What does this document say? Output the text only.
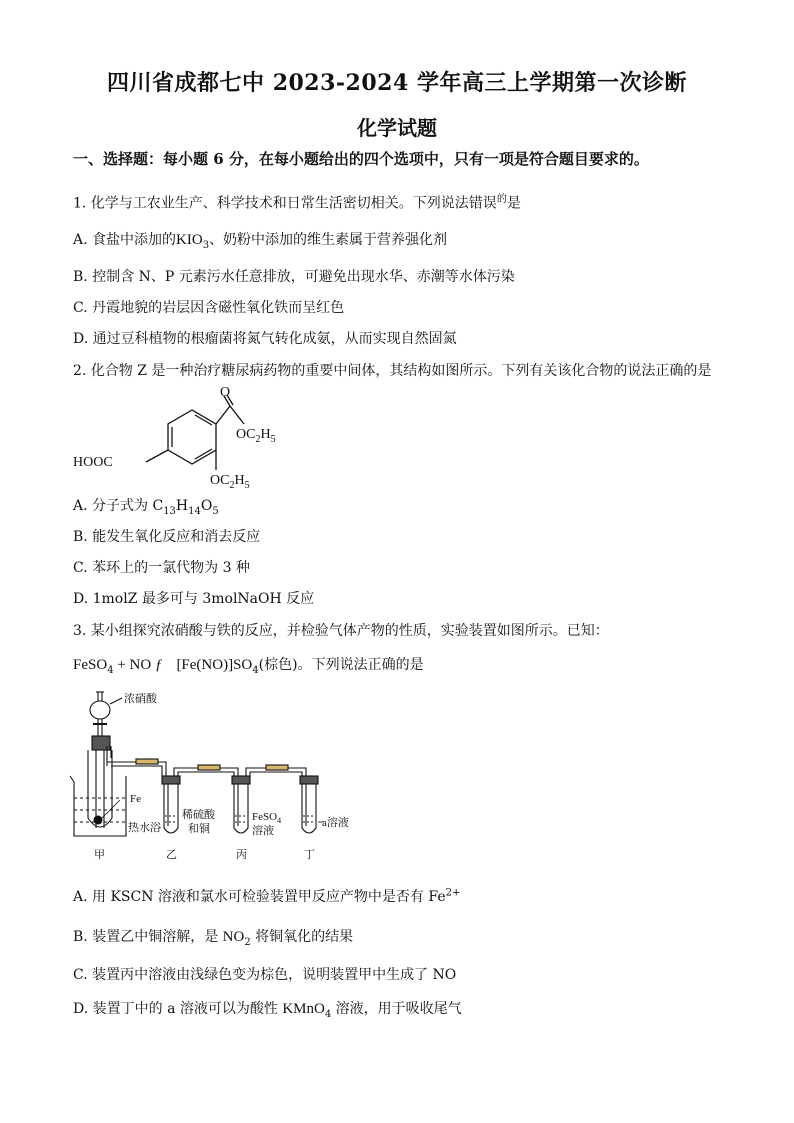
四川省成都七中 2023-2024 学年高三上学期第一次诊断
化学试题
一、选择题：每小题 6 分，在每小题给出的四个选项中，只有一项是符合题目要求的。
1. 化学与工农业生产、科学技术和日常生活密切相关。下列说法错误$^的$是
A. 食盐中添加的$KIO_3$、奶粉中添加的维生素属于营养强化剂
B. 控制含 N、P 元素污水任意排放，可避免出现水华、赤潮等水体污染
C. 丹霞地貌的岩层因含磁性氧化铁而呈红色
D. 通过豆科植物的根瘤菌将氮气转化成氨，从而实现自然固氮
2. 化合物 Z 是一种治疗糖尿病药物的重要中间体，其结构如图所示。下列有关该化合物的说法正确的是
HOOC
O
$OC_2H_5$
$OC_2H_5$
A. 分子式为 $C_{13}H_{14}O_5$
B. 能发生氧化反应和消去反应
C. 苯环上的一氯代物为 3 种
D. 1molZ 最多可与 3molNaOH 反应
3. 某小组探究浓硝酸与铁的反应，并检验气体产物的性质，实验装置如图所示。已知：
FeSO$_4$ + NO ƒ $[Fe(NO)]SO_4$(棕色)。下列说法正确的是
浓硝酸
Fe
热水浴
稀硫酸
和铜
FeSO$_4$
溶液
a溶液
甲	乙	丙	丁
A. 用 KSCN 溶液和氯水可检验装置甲反应产物中是否有 $Fe^{2+}$
B. 装置乙中铜溶解，是 $NO_2$ 将铜氧化的结果
C. 装置丙中溶液由浅绿色变为棕色，说明装置甲中生成了 NO
D. 装置丁中的 a 溶液可以为酸性 KMnO$_4$ 溶液，用于吸收尾气
